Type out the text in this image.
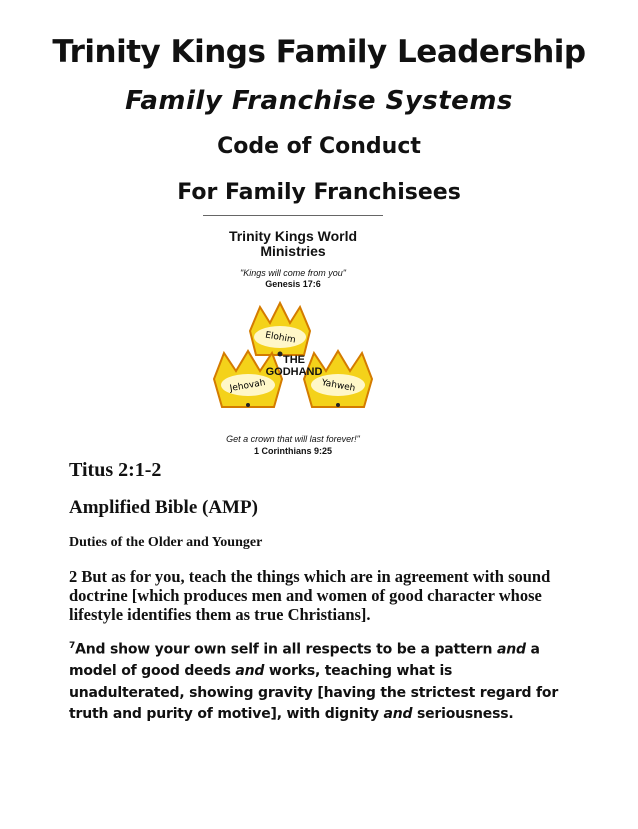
Trinity Kings Family Leadership
Family Franchise Systems
Code of Conduct
For Family Franchisees
Trinity Kings World
Ministries
"Kings will come from you"
Genesis 17:6
Elohim
Jehovah	Yahweh
THE
GODHAND
Get a crown that will last forever!"
1 Corinthians 9:25
Titus 2:1-2
Amplified Bible (AMP)
Duties of the Older and Younger
2 But as for you, teach the things which are in agreement with sound doctrine [which produces men and women of good character whose lifestyle identifies them as true Christians].
$^7$And show your own self in all respects to be a pattern and a model of good deeds and works, teaching what is unadulterated, showing gravity [having the strictest regard for truth and purity of motive], with dignity and seriousness.
